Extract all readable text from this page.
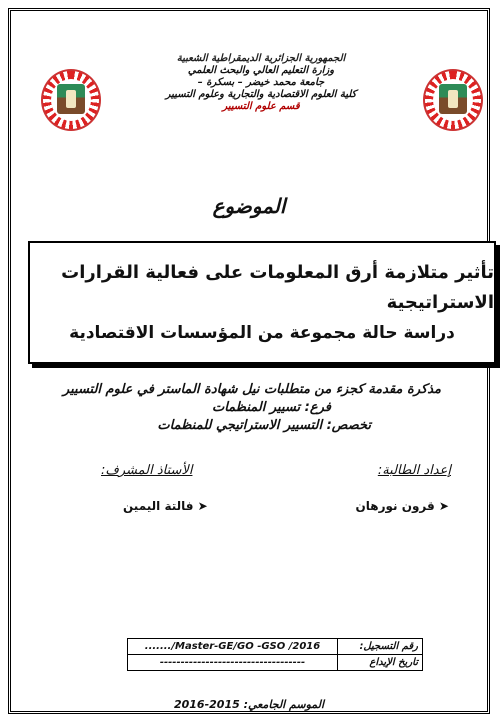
الجمهورية الجزائرية الديمقراطية الشعبية
وزارة التعليم العالي والبحث العلمي
جامعة محمد خيضر – بسكرة –
كلية العلوم الاقتصادية والتجارية وعلوم التسيير
قسم علوم التسيير
الموضوع
تأثير متلازمة أرق المعلومات على فعالية القرارات الاستراتيجية
دراسة حالة مجموعة من المؤسسات الاقتصادية
مذكرة مقدمة كجزء من متطلبات نيل شهادة الماستر في علوم التسيير
فرع: تسيير المنظمات
تخصص: التسيير الاستراتيجي للمنظمات
إعداد الطالبة:
الأستاذ المشرف:
➤ قرون نورهان
➤ فالتة اليمين
......./Master-GE/GO -GSO /2016	رقم التسجيل:
-----------------------------------	تاريخ الإيداع
الموسم الجامعي: 2015-2016
